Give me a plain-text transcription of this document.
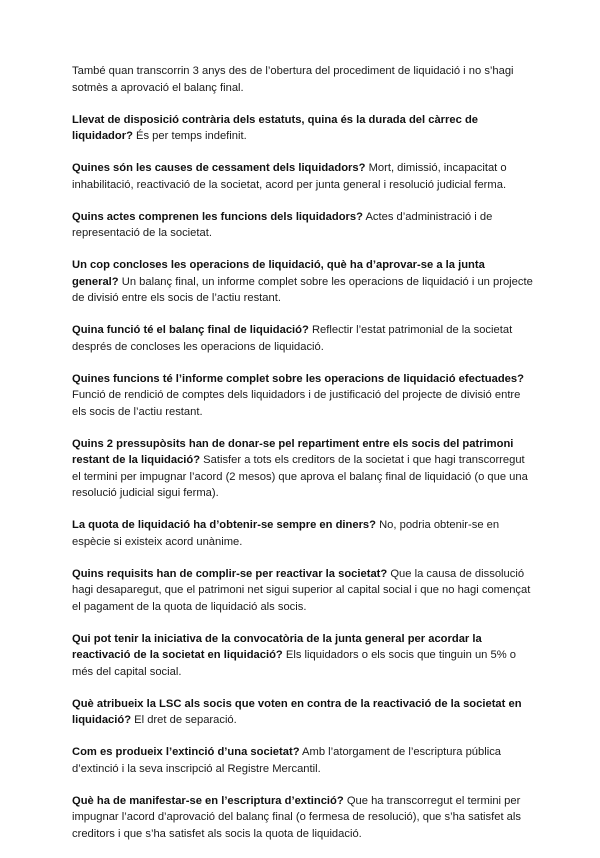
També quan transcorrin 3 anys des de l’obertura del procediment de liquidació i no s’hagi sotmès a aprovació el balanç final.

Llevat de disposició contrària dels estatuts, quina és la durada del càrrec de liquidador? És per temps indefinit.

Quines són les causes de cessament dels liquidadors? Mort, dimissió, incapacitat o inhabilitació, reactivació de la societat, acord per junta general i resolució judicial ferma.

Quins actes comprenen les funcions dels liquidadors? Actes d’administració i de representació de la societat.

Un cop concloses les operacions de liquidació, què ha d’aprovar-se a la junta general? Un balanç final, un informe complet sobre les operacions de liquidació i un projecte de divisió entre els socis de l’actiu restant.

Quina funció té el balanç final de liquidació? Reflectir l’estat patrimonial de la societat després de concloses les operacions de liquidació.

Quines funcions té l’informe complet sobre les operacions de liquidació efectuades? Funció de rendició de comptes dels liquidadors i de justificació del projecte de divisió entre els socis de l’actiu restant.

Quins 2 pressupòsits han de donar-se pel repartiment entre els socis del patrimoni restant de la liquidació? Satisfer a tots els creditors de la societat i que hagi transcorregut el termini per impugnar l’acord (2 mesos) que aprova el balanç final de liquidació (o que una resolució judicial sigui ferma).

La quota de liquidació ha d’obtenir-se sempre en diners? No, podria obtenir-se en espècie si existeix acord unànime.

Quins requisits han de complir-se per reactivar la societat? Que la causa de dissolució hagi desaparegut, que el patrimoni net sigui superior al capital social i que no hagi començat el pagament de la quota de liquidació als socis.

Qui pot tenir la iniciativa de la convocatòria de la junta general per acordar la reactivació de la societat en liquidació? Els liquidadors o els socis que tinguin un 5% o més del capital social.

Què atribueix la LSC als socis que voten en contra de la reactivació de la societat en liquidació? El dret de separació.

Com es produeix l’extinció d’una societat? Amb l’atorgament de l’escriptura pública d’extinció i la seva inscripció al Registre Mercantil.

Què ha de manifestar-se en l’escriptura d’extinció? Que ha transcorregut el termini per impugnar l’acord d’aprovació del balanç final (o fermesa de resolució), que s’ha satisfet als creditors i que s’ha satisfet als socis la quota de liquidació.
